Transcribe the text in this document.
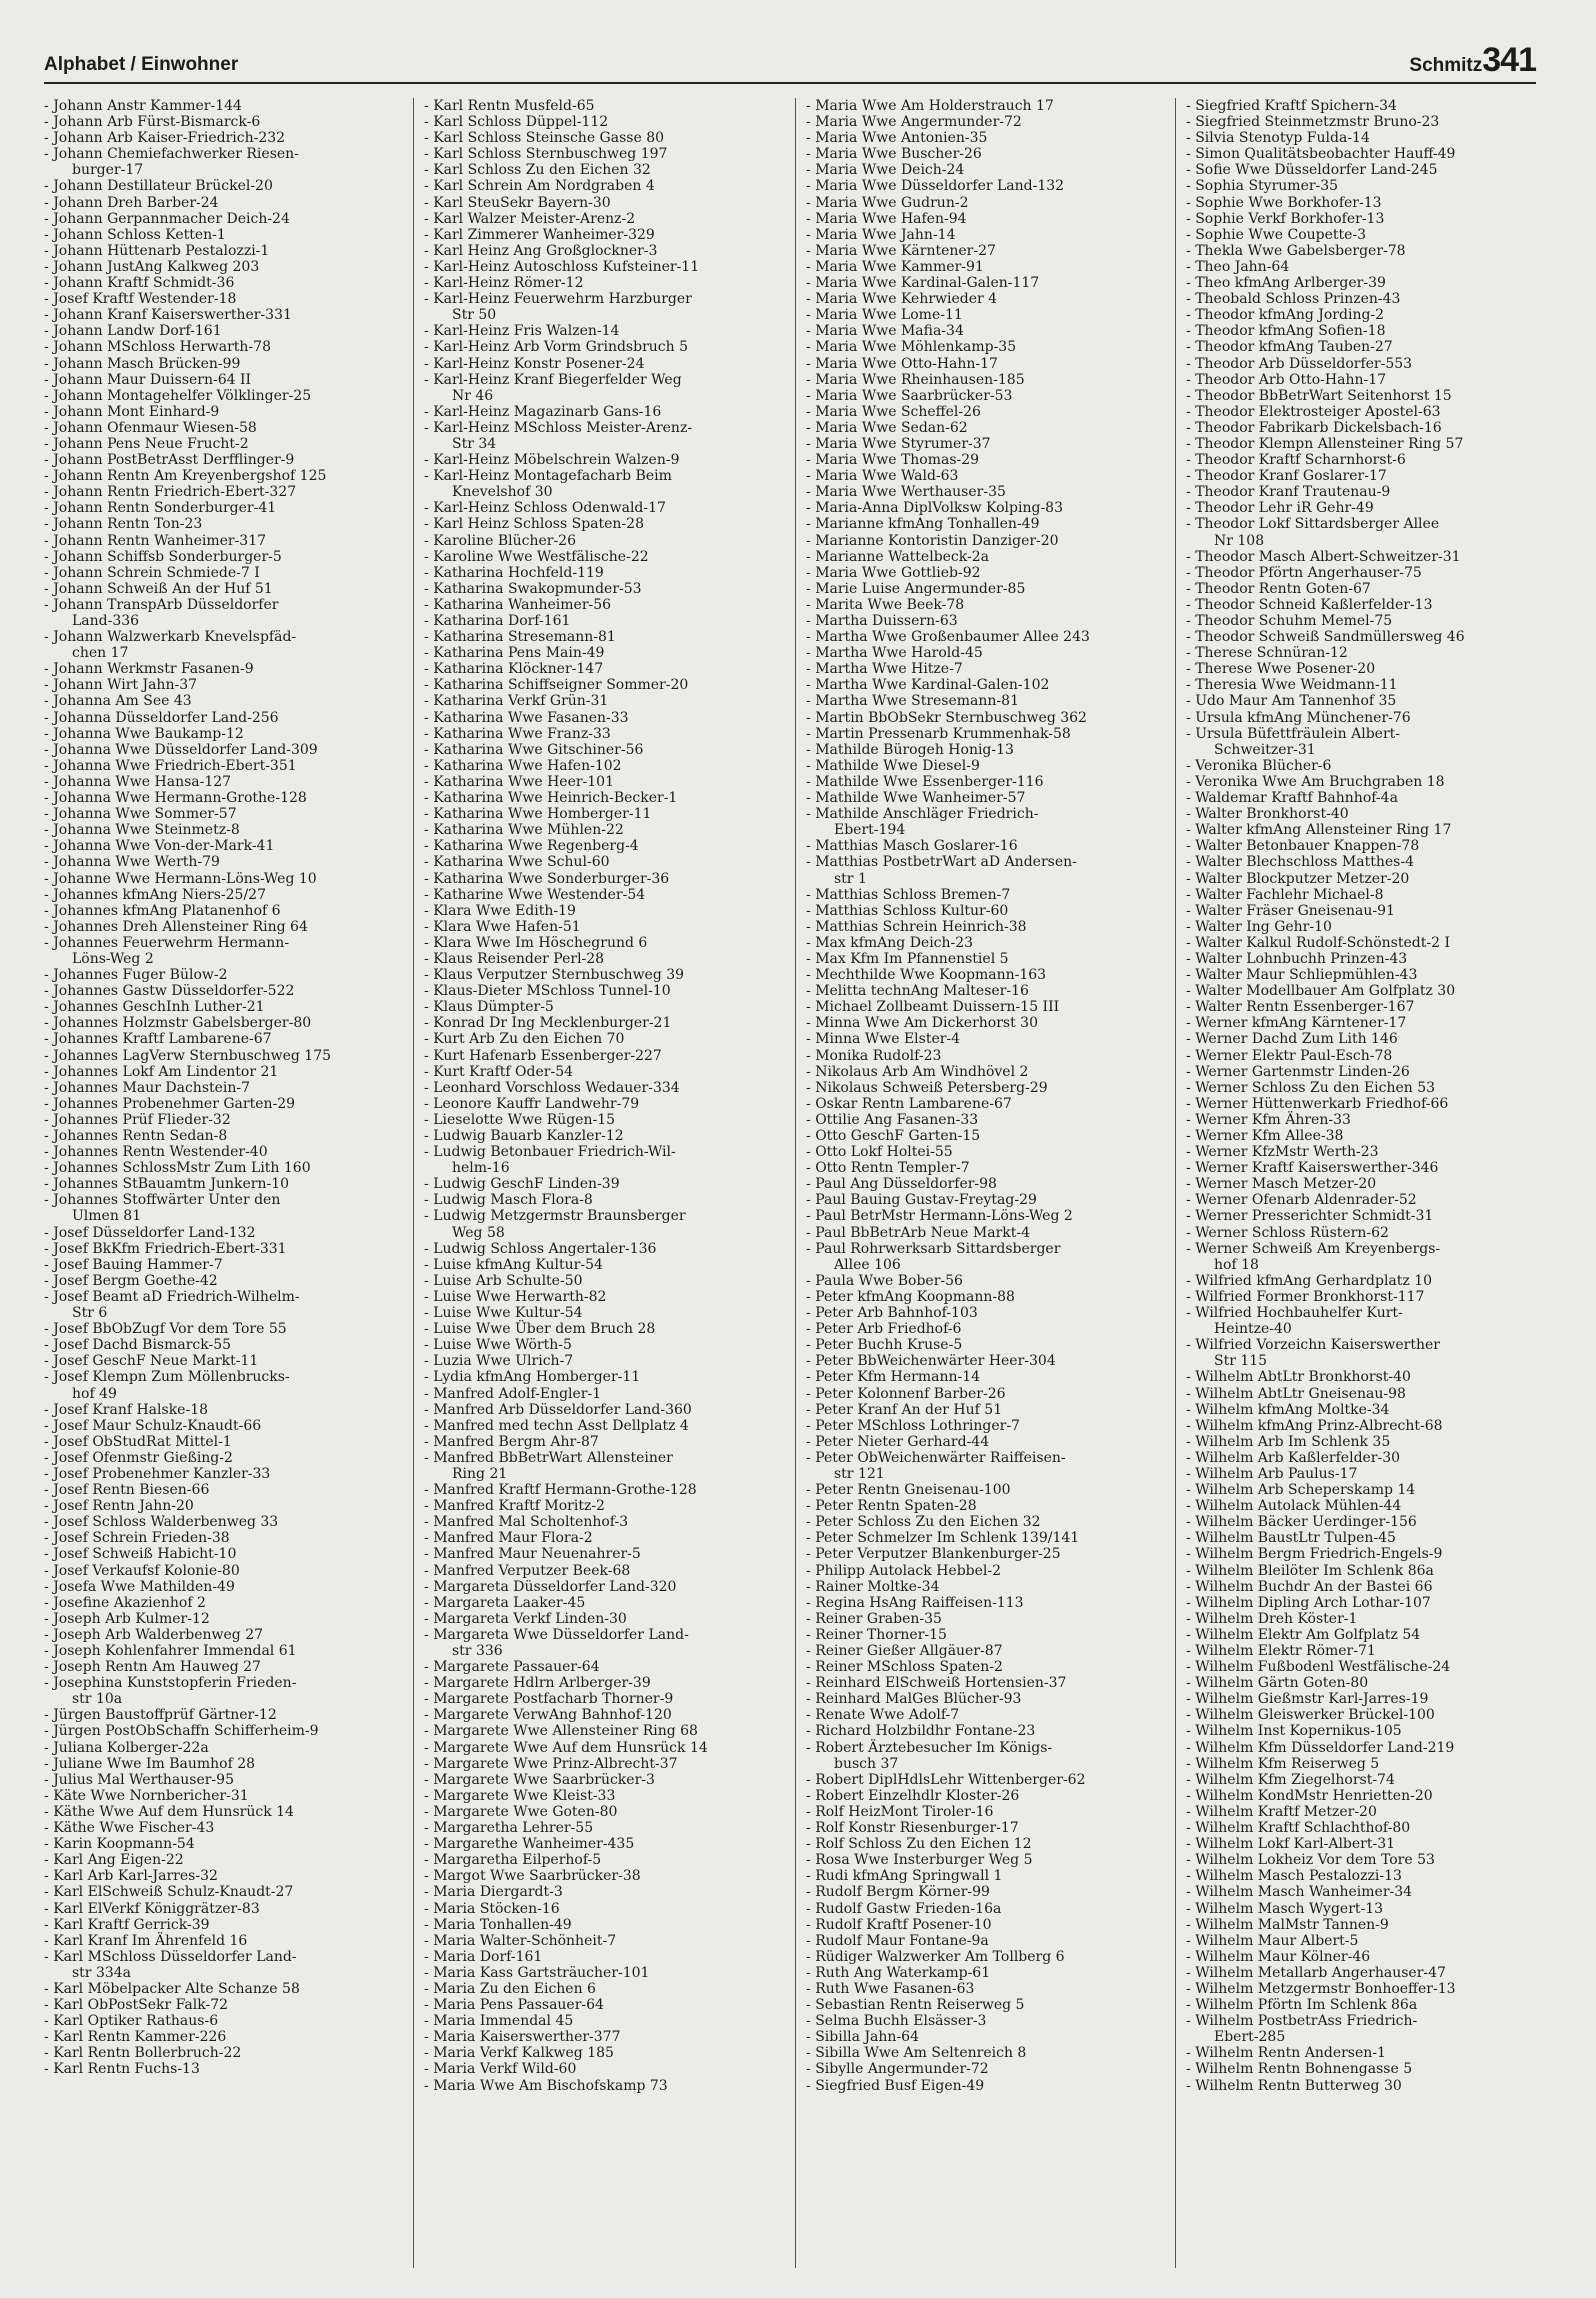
Alphabet / Einwohner	Schmitz 341
- Johann Anstr Kammer-144
- Johann Arb Fürst-Bismarck-6
- Johann Arb Kaiser-Friedrich-232
- Johann Chemiefachwerker Riesen-
burger-17
- Johann Destillateur Brückel-20
- Johann Dreh Barber-24
- Johann Gerpannmacher Deich-24
- Johann Schloss Ketten-1
- Johann Hüttenarb Pestalozzi-1
- Johann JustAng Kalkweg 203
- Johann Kraftf Schmidt-36
- Josef Kraftf Westender-18
- Johann Kranf Kaiserswerther-331
- Johann Landw Dorf-161
- Johann MSchloss Herwarth-78
- Johann Masch Brücken-99
- Johann Maur Duissern-64 II
- Johann Montagehelfer Völklinger-25
- Johann Mont Einhard-9
- Johann Ofenmaur Wiesen-58
- Johann Pens Neue Frucht-2
- Johann PostBetrAsst Derfflinger-9
- Johann Rentn Am Kreyenbergshof 125
- Johann Rentn Friedrich-Ebert-327
- Johann Rentn Sonderburger-41
- Johann Rentn Ton-23
- Johann Rentn Wanheimer-317
- Johann Schiffsb Sonderburger-5
- Johann Schrein Schmiede-7 I
- Johann Schweiß An der Huf 51
- Johann TranspArb Düsseldorfer
Land-336
- Johann Walzwerkarb Knevelspfäd-
chen 17
- Johann Werkmstr Fasanen-9
- Johann Wirt Jahn-37
- Johanna Am See 43
- Johanna Düsseldorfer Land-256
- Johanna Wwe Baukamp-12
- Johanna Wwe Düsseldorfer Land-309
- Johanna Wwe Friedrich-Ebert-351
- Johanna Wwe Hansa-127
- Johanna Wwe Hermann-Grothe-128
- Johanna Wwe Sommer-57
- Johanna Wwe Steinmetz-8
- Johanna Wwe Von-der-Mark-41
- Johanna Wwe Werth-79
- Johanne Wwe Hermann-Löns-Weg 10
- Johannes kfmAng Niers-25/27
- Johannes kfmAng Platanenhof 6
- Johannes Dreh Allensteiner Ring 64
- Johannes Feuerwehrm Hermann-
Löns-Weg 2
- Johannes Fuger Bülow-2
- Johannes Gastw Düsseldorfer-522
- Johannes GeschInh Luther-21
- Johannes Holzmstr Gabelsberger-80
- Johannes Kraftf Lambarene-67
- Johannes LagVerw Sternbuschweg 175
- Johannes Lokf Am Lindentor 21
- Johannes Maur Dachstein-7
- Johannes Probenehmer Garten-29
- Johannes Prüf Flieder-32
- Johannes Rentn Sedan-8
- Johannes Rentn Westender-40
- Johannes SchlossMstr Zum Lith 160
- Johannes StBauamtm Junkern-10
- Johannes Stoffwärter Unter den
Ulmen 81
- Josef Düsseldorfer Land-132
- Josef BkKfm Friedrich-Ebert-331
- Josef Bauing Hammer-7
- Josef Bergm Goethe-42
- Josef Beamt aD Friedrich-Wilhelm-
Str 6
- Josef BbObZugf Vor dem Tore 55
- Josef Dachd Bismarck-55
- Josef GeschF Neue Markt-11
- Josef Klempn Zum Möllenbrucks-
hof 49
- Josef Kranf Halske-18
- Josef Maur Schulz-Knaudt-66
- Josef ObStudRat Mittel-1
- Josef Ofenmstr Gießing-2
- Josef Probenehmer Kanzler-33
- Josef Rentn Biesen-66
- Josef Rentn Jahn-20
- Josef Schloss Walderbenweg 33
- Josef Schrein Frieden-38
- Josef Schweiß Habicht-10
- Josef Verkaufsf Kolonie-80
- Josefa Wwe Mathilden-49
- Josefine Akazienhof 2
- Joseph Arb Kulmer-12
- Joseph Arb Walderbenweg 27
- Joseph Kohlenfahrer Immendal 61
- Joseph Rentn Am Hauweg 27
- Josephina Kunststopferin Frieden-
str 10a
- Jürgen Baustoffprüf Gärtner-12
- Jürgen PostObSchaffn Schifferheim-9
- Juliana Kolberger-22a
- Juliane Wwe Im Baumhof 28
- Julius Mal Werthauser-95
- Käte Wwe Nornbericher-31
- Käthe Wwe Auf dem Hunsrück 14
- Käthe Wwe Fischer-43
- Karin Koopmann-54
- Karl Ang Eigen-22
- Karl Arb Karl-Jarres-32
- Karl ElSchweiß Schulz-Knaudt-27
- Karl ElVerkf Königgrätzer-83
- Karl Kraftf Gerrick-39
- Karl Kranf Im Ährenfeld 16
- Karl MSchloss Düsseldorfer Land-
str 334a
- Karl Möbelpacker Alte Schanze 58
- Karl ObPostSekr Falk-72
- Karl Optiker Rathaus-6
- Karl Rentn Kammer-226
- Karl Rentn Bollerbruch-22
- Karl Rentn Fuchs-13
- Karl Rentn Musfeld-65
- Karl Schloss Düppel-112
- Karl Schloss Steinsche Gasse 80
- Karl Schloss Sternbuschweg 197
- Karl Schloss Zu den Eichen 32
- Karl Schrein Am Nordgraben 4
- Karl SteuSekr Bayern-30
- Karl Walzer Meister-Arenz-2
- Karl Zimmerer Wanheimer-329
- Karl Heinz Ang Großglockner-3
- Karl-Heinz Autoschloss Kufsteiner-11
- Karl-Heinz Römer-12
- Karl-Heinz Feuerwehrm Harzburger
Str 50
- Karl-Heinz Fris Walzen-14
- Karl-Heinz Arb Vorm Grindsbruch 5
- Karl-Heinz Konstr Posener-24
- Karl-Heinz Kranf Biegerfelder Weg
Nr 46
- Karl-Heinz Magazinarb Gans-16
- Karl-Heinz MSchloss Meister-Arenz-
Str 34
- Karl-Heinz Möbelschrein Walzen-9
- Karl-Heinz Montagefacharb Beim
Knevelshof 30
- Karl-Heinz Schloss Odenwald-17
- Karl Heinz Schloss Spaten-28
- Karoline Blücher-26
- Karoline Wwe Westfälische-22
- Katharina Hochfeld-119
- Katharina Swakopmunder-53
- Katharina Wanheimer-56
- Katharina Dorf-161
- Katharina Stresemann-81
- Katharina Pens Main-49
- Katharina Klöckner-147
- Katharina Schiffseigner Sommer-20
- Katharina Verkf Grün-31
- Katharina Wwe Fasanen-33
- Katharina Wwe Franz-33
- Katharina Wwe Gitschiner-56
- Katharina Wwe Hafen-102
- Katharina Wwe Heer-101
- Katharina Wwe Heinrich-Becker-1
- Katharina Wwe Homberger-11
- Katharina Wwe Mühlen-22
- Katharina Wwe Regenberg-4
- Katharina Wwe Schul-60
- Katharina Wwe Sonderburger-36
- Katharine Wwe Westender-54
- Klara Wwe Edith-19
- Klara Wwe Hafen-51
- Klara Wwe Im Höschegrund 6
- Klaus Reisender Perl-28
- Klaus Verputzer Sternbuschweg 39
- Klaus-Dieter MSchloss Tunnel-10
- Klaus Dümpter-5
- Konrad Dr Ing Mecklenburger-21
- Kurt Arb Zu den Eichen 70
- Kurt Hafenarb Essenberger-227
- Kurt Kraftf Oder-54
- Leonhard Vorschloss Wedauer-334
- Leonore Kauffr Landwehr-79
- Lieselotte Wwe Rügen-15
- Ludwig Bauarb Kanzler-12
- Ludwig Betonbauer Friedrich-Wil-
helm-16
- Ludwig GeschF Linden-39
- Ludwig Masch Flora-8
- Ludwig Metzgermstr Braunsberger
Weg 58
- Ludwig Schloss Angertaler-136
- Luise kfmAng Kultur-54
- Luise Arb Schulte-50
- Luise Wwe Herwarth-82
- Luise Wwe Kultur-54
- Luise Wwe Über dem Bruch 28
- Luise Wwe Wörth-5
- Luzia Wwe Ulrich-7
- Lydia kfmAng Homberger-11
- Manfred Adolf-Engler-1
- Manfred Arb Düsseldorfer Land-360
- Manfred med techn Asst Dellplatz 4
- Manfred Bergm Ahr-87
- Manfred BbBetrWart Allensteiner
Ring 21
- Manfred Kraftf Hermann-Grothe-128
- Manfred Kraftf Moritz-2
- Manfred Mal Scholtenhof-3
- Manfred Maur Flora-2
- Manfred Maur Neuenahrer-5
- Manfred Verputzer Beek-68
- Margareta Düsseldorfer Land-320
- Margareta Laaker-45
- Margareta Verkf Linden-30
- Margareta Wwe Düsseldorfer Land-
str 336
- Margarete Passauer-64
- Margarete Hdlrn Arlberger-39
- Margarete Postfacharb Thorner-9
- Margarete VerwAng Bahnhof-120
- Margarete Wwe Allensteiner Ring 68
- Margarete Wwe Auf dem Hunsrück 14
- Margarete Wwe Prinz-Albrecht-37
- Margarete Wwe Saarbrücker-3
- Margarete Wwe Kleist-33
- Margarete Wwe Goten-80
- Margaretha Lehrer-55
- Margarethe Wanheimer-435
- Margaretha Eilperhof-5
- Margot Wwe Saarbrücker-38
- Maria Diergardt-3
- Maria Stöcken-16
- Maria Tonhallen-49
- Maria Walter-Schönheit-7
- Maria Dorf-161
- Maria Kass Gartsträucher-101
- Maria Zu den Eichen 6
- Maria Pens Passauer-64
- Maria Immendal 45
- Maria Kaiserswerther-377
- Maria Verkf Kalkweg 185
- Maria Verkf Wild-60
- Maria Wwe Am Bischofskamp 73
- Maria Wwe Am Holderstrauch 17
- Maria Wwe Angermunder-72
- Maria Wwe Antonien-35
- Maria Wwe Buscher-26
- Maria Wwe Deich-24
- Maria Wwe Düsseldorfer Land-132
- Maria Wwe Gudrun-2
- Maria Wwe Hafen-94
- Maria Wwe Jahn-14
- Maria Wwe Kärntener-27
- Maria Wwe Kammer-91
- Maria Wwe Kardinal-Galen-117
- Maria Wwe Kehrwieder 4
- Maria Wwe Lome-11
- Maria Wwe Mafia-34
- Maria Wwe Möhlenkamp-35
- Maria Wwe Otto-Hahn-17
- Maria Wwe Rheinhausen-185
- Maria Wwe Saarbrücker-53
- Maria Wwe Scheffel-26
- Maria Wwe Sedan-62
- Maria Wwe Styrumer-37
- Maria Wwe Thomas-29
- Maria Wwe Wald-63
- Maria Wwe Werthauser-35
- Maria-Anna DiplVolksw Kolping-83
- Marianne kfmAng Tonhallen-49
- Marianne Kontoristin Danziger-20
- Marianne Wattelbeck-2a
- Maria Wwe Gottlieb-92
- Marie Luise Angermunder-85
- Marita Wwe Beek-78
- Martha Duissern-63
- Martha Wwe Großenbaumer Allee 243
- Martha Wwe Harold-45
- Martha Wwe Hitze-7
- Martha Wwe Kardinal-Galen-102
- Martha Wwe Stresemann-81
- Martin BbObSekr Sternbuschweg 362
- Martin Pressenarb Krummenhak-58
- Mathilde Bürogeh Honig-13
- Mathilde Wwe Diesel-9
- Mathilde Wwe Essenberger-116
- Mathilde Wwe Wanheimer-57
- Mathilde Anschläger Friedrich-
Ebert-194
- Matthias Masch Goslarer-16
- Matthias PostbetrWart aD Andersen-
str 1
- Matthias Schloss Bremen-7
- Matthias Schloss Kultur-60
- Matthias Schrein Heinrich-38
- Max kfmAng Deich-23
- Max Kfm Im Pfannenstiel 5
- Mechthilde Wwe Koopmann-163
- Melitta technAng Malteser-16
- Michael Zollbeamt Duissern-15 III
- Minna Wwe Am Dickerhorst 30
- Minna Wwe Elster-4
- Monika Rudolf-23
- Nikolaus Arb Am Windhövel 2
- Nikolaus Schweiß Petersberg-29
- Oskar Rentn Lambarene-67
- Ottilie Ang Fasanen-33
- Otto GeschF Garten-15
- Otto Lokf Holtei-55
- Otto Rentn Templer-7
- Paul Ang Düsseldorfer-98
- Paul Bauing Gustav-Freytag-29
- Paul BetrMstr Hermann-Löns-Weg 2
- Paul BbBetrArb Neue Markt-4
- Paul Rohrwerksarb Sittardsberger
Allee 106
- Paula Wwe Bober-56
- Peter kfmAng Koopmann-88
- Peter Arb Bahnhof-103
- Peter Arb Friedhof-6
- Peter Buchh Kruse-5
- Peter BbWeichenwärter Heer-304
- Peter Kfm Hermann-14
- Peter Kolonnenf Barber-26
- Peter Kranf An der Huf 51
- Peter MSchloss Lothringer-7
- Peter Nieter Gerhard-44
- Peter ObWeichenwärter Raiffeisen-
str 121
- Peter Rentn Gneisenau-100
- Peter Rentn Spaten-28
- Peter Schloss Zu den Eichen 32
- Peter Schmelzer Im Schlenk 139/141
- Peter Verputzer Blankenburger-25
- Philipp Autolack Hebbel-2
- Rainer Moltke-34
- Regina HsAng Raiffeisen-113
- Reiner Graben-35
- Reiner Thorner-15
- Reiner Gießer Allgäuer-87
- Reiner MSchloss Spaten-2
- Reinhard ElSchweiß Hortensien-37
- Reinhard MalGes Blücher-93
- Renate Wwe Adolf-7
- Richard Holzbildhr Fontane-23
- Robert Ärztebesucher Im Königs-
busch 37
- Robert DiplHdlsLehr Wittenberger-62
- Robert Einzelhdlr Kloster-26
- Rolf HeizMont Tiroler-16
- Rolf Konstr Riesenburger-17
- Rolf Schloss Zu den Eichen 12
- Rosa Wwe Insterburger Weg 5
- Rudi kfmAng Springwall 1
- Rudolf Bergm Körner-99
- Rudolf Gastw Frieden-16a
- Rudolf Kraftf Posener-10
- Rudolf Maur Fontane-9a
- Rüdiger Walzwerker Am Tollberg 6
- Ruth Ang Waterkamp-61
- Ruth Wwe Fasanen-63
- Sebastian Rentn Reiserweg 5
- Selma Buchh Elsässer-3
- Sibilla Jahn-64
- Sibilla Wwe Am Seltenreich 8
- Sibylle Angermunder-72
- Siegfried Busf Eigen-49
- Siegfried Kraftf Spichern-34
- Siegfried Steinmetzmstr Bruno-23
- Silvia Stenotyp Fulda-14
- Simon Qualitätsbeobachter Hauff-49
- Sofie Wwe Düsseldorfer Land-245
- Sophia Styrumer-35
- Sophie Wwe Borkhofer-13
- Sophie Verkf Borkhofer-13
- Sophie Wwe Coupette-3
- Thekla Wwe Gabelsberger-78
- Theo Jahn-64
- Theo kfmAng Arlberger-39
- Theobald Schloss Prinzen-43
- Theodor kfmAng Jording-2
- Theodor kfmAng Sofien-18
- Theodor kfmAng Tauben-27
- Theodor Arb Düsseldorfer-553
- Theodor Arb Otto-Hahn-17
- Theodor BbBetrWart Seitenhorst 15
- Theodor Elektrosteiger Apostel-63
- Theodor Fabrikarb Dickelsbach-16
- Theodor Klempn Allensteiner Ring 57
- Theodor Kraftf Scharnhorst-6
- Theodor Kranf Goslarer-17
- Theodor Kranf Trautenau-9
- Theodor Lehr iR Gehr-49
- Theodor Lokf Sittardsberger Allee
Nr 108
- Theodor Masch Albert-Schweitzer-31
- Theodor Pförtn Angerhauser-75
- Theodor Rentn Goten-67
- Theodor Schneid Kaßlerfelder-13
- Theodor Schuhm Memel-75
- Theodor Schweiß Sandmüllersweg 46
- Therese Schnüran-12
- Therese Wwe Posener-20
- Theresia Wwe Weidmann-11
- Udo Maur Am Tannenhof 35
- Ursula kfmAng Münchener-76
- Ursula Büfettfräulein Albert-
Schweitzer-31
- Veronika Blücher-6
- Veronika Wwe Am Bruchgraben 18
- Waldemar Kraftf Bahnhof-4a
- Walter Bronkhorst-40
- Walter kfmAng Allensteiner Ring 17
- Walter Betonbauer Knappen-78
- Walter Blechschloss Matthes-4
- Walter Blockputzer Metzer-20
- Walter Fachlehr Michael-8
- Walter Fräser Gneisenau-91
- Walter Ing Gehr-10
- Walter Kalkul Rudolf-Schönstedt-2 I
- Walter Lohnbuchh Prinzen-43
- Walter Maur Schliepmühlen-43
- Walter Modellbauer Am Golfplatz 30
- Walter Rentn Essenberger-167
- Werner kfmAng Kärntener-17
- Werner Dachd Zum Lith 146
- Werner Elektr Paul-Esch-78
- Werner Gartenmstr Linden-26
- Werner Schloss Zu den Eichen 53
- Werner Hüttenwerkarb Friedhof-66
- Werner Kfm Ähren-33
- Werner Kfm Allee-38
- Werner KfzMstr Werth-23
- Werner Kraftf Kaiserswerther-346
- Werner Masch Metzer-20
- Werner Ofenarb Aldenrader-52
- Werner Presserichter Schmidt-31
- Werner Schloss Rüstern-62
- Werner Schweiß Am Kreyenbergs-
hof 18
- Wilfried kfmAng Gerhardplatz 10
- Wilfried Former Bronkhorst-117
- Wilfried Hochbauhelfer Kurt-
Heintze-40
- Wilfried Vorzeichn Kaiserswerther
Str 115
- Wilhelm AbtLtr Bronkhorst-40
- Wilhelm AbtLtr Gneisenau-98
- Wilhelm kfmAng Moltke-34
- Wilhelm kfmAng Prinz-Albrecht-68
- Wilhelm Arb Im Schlenk 35
- Wilhelm Arb Kaßlerfelder-30
- Wilhelm Arb Paulus-17
- Wilhelm Arb Scheperskamp 14
- Wilhelm Autolack Mühlen-44
- Wilhelm Bäcker Uerdinger-156
- Wilhelm BaustLtr Tulpen-45
- Wilhelm Bergm Friedrich-Engels-9
- Wilhelm Bleilöter Im Schlenk 86a
- Wilhelm Buchdr An der Bastei 66
- Wilhelm Dipling Arch Lothar-107
- Wilhelm Dreh Köster-1
- Wilhelm Elektr Am Golfplatz 54
- Wilhelm Elektr Römer-71
- Wilhelm Fußbodenl Westfälische-24
- Wilhelm Gärtn Goten-80
- Wilhelm Gießmstr Karl-Jarres-19
- Wilhelm Gleiswerker Brückel-100
- Wilhelm Inst Kopernikus-105
- Wilhelm Kfm Düsseldorfer Land-219
- Wilhelm Kfm Reiserweg 5
- Wilhelm Kfm Ziegelhorst-74
- Wilhelm KondMstr Henrietten-20
- Wilhelm Kraftf Metzer-20
- Wilhelm Kraftf Schlachthof-80
- Wilhelm Lokf Karl-Albert-31
- Wilhelm Lokheiz Vor dem Tore 53
- Wilhelm Masch Pestalozzi-13
- Wilhelm Masch Wanheimer-34
- Wilhelm Masch Wygert-13
- Wilhelm MalMstr Tannen-9
- Wilhelm Maur Albert-5
- Wilhelm Maur Kölner-46
- Wilhelm Metallarb Angerhauser-47
- Wilhelm Metzgermstr Bonhoeffer-13
- Wilhelm Pförtn Im Schlenk 86a
- Wilhelm PostbetrAss Friedrich-
Ebert-285
- Wilhelm Rentn Andersen-1
- Wilhelm Rentn Bohnengasse 5
- Wilhelm Rentn Butterweg 30
